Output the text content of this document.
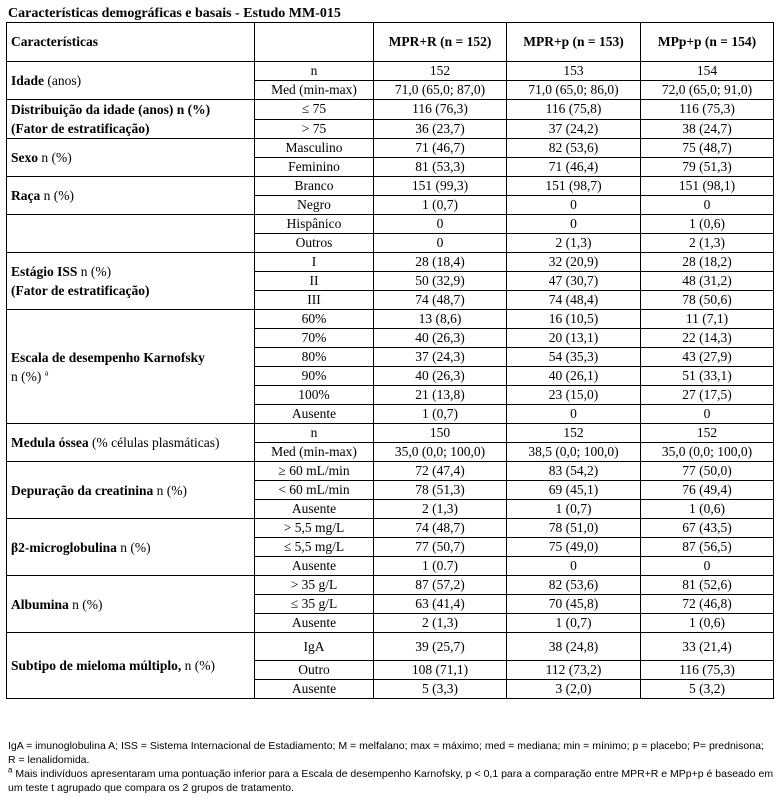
Características demográficas e basais - Estudo MM-015
Características		MPR+R (n = 152)	MPR+p (n = 153)	MPp+p (n = 154)
Idade (anos)	n	152	153	154
	Med (min-max)	71,0 (65,0; 87,0)	71,0 (65,0; 86,0)	72,0 (65,0; 91,0)
Distribuição da idade (anos) n (%)
(Fator de estratificação)	≤ 75	116 (76,3)	116 (75,8)	116 (75,3)
	> 75	36 (23,7)	37 (24,2)	38 (24,7)
Sexo n (%)	Masculino	71 (46,7)	82 (53,6)	75 (48,7)
	Feminino	81 (53,3)	71 (46,4)	79 (51,3)
Raça n (%)	Branco	151 (99,3)	151 (98,7)	151 (98,1)
	Negro	1 (0,7)	0	0
	Hispânico	0	0	1 (0,6)
	Outros	0	2 (1,3)	2 (1,3)
Estágio ISS n (%)
(Fator de estratificação)	I	28 (18,4)	32 (20,9)	28 (18,2)
	II	50 (32,9)	47 (30,7)	48 (31,2)
	III	74 (48,7)	74 (48,4)	78 (50,6)
Escala de desempenho Karnofsky
n (%) $^a$	60%	13 (8,6)	16 (10,5)	11 (7,1)
	70%	40 (26,3)	20 (13,1)	22 (14,3)
	80%	37 (24,3)	54 (35,3)	43 (27,9)
	90%	40 (26,3)	40 (26,1)	51 (33,1)
	100%	21 (13,8)	23 (15,0)	27 (17,5)
	Ausente	1 (0,7)	0	0
Medula óssea (% células plasmáticas)	n	150	152	152
	Med (min-max)	35,0 (0,0; 100,0)	38,5 (0,0; 100,0)	35,0 (0,0; 100,0)
Depuração da creatinina n (%)	≥ 60 mL/min	72 (47,4)	83 (54,2)	77 (50,0)
	< 60 mL/min	78 (51,3)	69 (45,1)	76 (49,4)
	Ausente	2 (1,3)	1 (0,7)	1 (0,6)
β2-microglobulina n (%)	> 5,5 mg/L	74 (48,7)	78 (51,0)	67 (43,5)
	≤ 5,5 mg/L	77 (50,7)	75 (49,0)	87 (56,5)
	Ausente	1 (0.7)	0	0
Albumina n (%)	> 35 g/L	87 (57,2)	82 (53,6)	81 (52,6)
	≤ 35 g/L	63 (41,4)	70 (45,8)	72 (46,8)
	Ausente	2 (1,3)	1 (0,7)	1 (0,6)
Subtipo de mieloma múltiplo, n (%)	IgA	39 (25,7)	38 (24,8)	33 (21,4)
	Outro	108 (71,1)	112 (73,2)	116 (75,3)
	Ausente	5 (3,3)	3 (2,0)	5 (3,2)

IgA = imunoglobulina A; ISS = Sistema Internacional de Estadiamento; M = melfalano; max = máximo; med = mediana; min = mínimo; p = placebo; P= prednisona; R = lenalidomida.

$^a$ Mais indivíduos apresentaram uma pontuação inferior para a Escala de desempenho Karnofsky, p < 0,1 para a comparação entre MPR+R e MPp+p é baseado em um teste t agrupado que compara os 2 grupos de tratamento.
